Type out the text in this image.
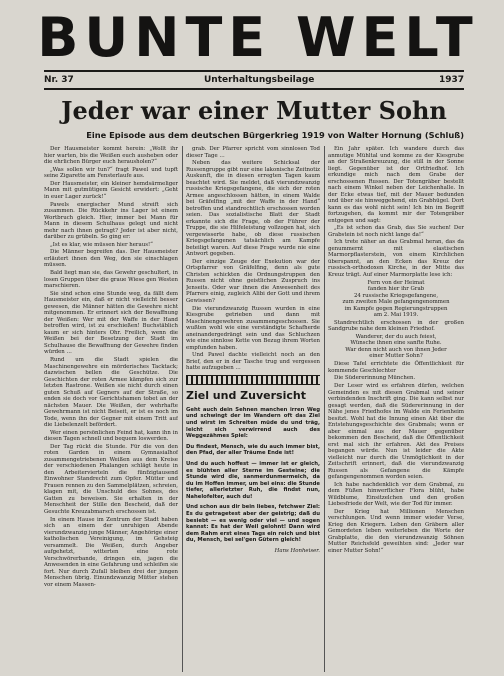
BUNTE WELT
Nr. 37	Unterhaltungsbeilage	1937
Jeder war einer Mutter Sohn
Eine Episode aus dem deutschen Bürgerkrieg 1919 von Walter Hornung (Schluß)

Der Hausmeister kommt herein: „Wollt ihr hier warten, bis die Weißen euch ausheben oder die ehrlichen Bürger euch herausholen?“

„Was sollen wir tun?“ fragt Pawel und tupft seine Zigarette am Fensterlaufe aus.

Der Hausmeister, ein kleiner hemdsärmeliger Mann mit gutmütigem Gesicht erwidert: „Geht in euer Lager zurück!“

Pawels energischer Mund streift sich zusammen. Die Rückkehr ins Lager ist einem Wortbruch gleich. Hier, immer bei Mann für Mann in diesem Schulhaus gelegt und nicht mehr nach ihnen getragt? Jeder ist aber nicht, darüber zu grübeln. So ging er:

„Ist es klar, wie müssen hier heraus!“

Die Männer begreifen das. Der Hausmeister erläutert ihnen den Weg, den sie einschlagen müssen.

Bald liegt man sie, das Gewehr geschultert, in losen Gruppen über die graue Wiese gen Westen marschieren.

Sie sind schon eine Stunde weg, da fällt dem Hausmeister ein, daß er nicht vielleicht besser gewesen, die Männer hätten die Gewehre nicht mitgenommen. Er erinnert sich der Bewaffnung der Weißen: Wer mit der Waffe in der Hand betroffen wird, ist zu erschießen! Buchstäblich kaum er sich hinters Ohr. Freilich, wenn die Weißen bei der Besetzung der Stadt im Schulhause die Bewaffnung der Gewehre finden würden …

Rund um die Stadt spielen die Maschinengewehre ein mörderisches Tacktack; dazwischen bellen die Geschütze. Die Geschichten der roten Armee kämpfen sich zur letzten Rastrone. Weißen sie nicht durch einen guten Schuß auf Gegners auf der Straße, so enden sie doch vor Gerichtshamen tobet an der nächsten Mauer. Die Weißen, der wehrhafte Gewehrmann ist nicht Beiseit, er ist es noch im Tode, wenn ihn der Gegner mit einem Tritt auf die Liebelenzelt befördert.

Wer einen persönlichen Feind hat, kann ihn in diesen Tagen schnell und bequem loswerden.

Der Tag rückt die Stunde. Für die von den roten Garden in einem Gymnasialhof zusammengetriebenen Weißen aus dem Kreise der verschiedenen Phalangen schlägt heute in den Arbeitervierteln die fünfzigtausend Einwohner Standrecht zum Opfer. Mütter und Frauen rennen zu den Sammelplätzen, schreien, klagen mit, die Unschuld des Sohnes, des Gatten zu beweisen. Sie erhalten in der Menschheit der Stille den Bescheid, daß der Gesuchte Kreuzabmarsch erschossen ist.

In einem Hause im Zentrum der Stadt haben sich an einem der unruhigen Abende vierundzwanzig junge Männer, Angehörige einer katholischen Vereinigung, im Gehsteig versammelt. Die Weißen, durch Angeber aufgehetzt, witterten eine rote Verschwörerbande, dringen ein, jagen die Anwesenden in eine Gefahrung und schleifen sie fort. Nur durch Zufall bleiben drei der jungen Menschen übrig. Einundzwanzig Mütter stehen vor einem Massen-

grab. Der Pfarrer spricht vom sinnlosen Tod dieser Tage …

Neben das weitere Schicksal der Russengruppe gibt nur eine lakonische Zeitnotiz Auskunft, die in diesen erregten Tagen kaum beachtet wird. Sie meldet, daß vierundzwanzig russische Kriegsgefangene, die sich der roten Armee angeschlossen hätten, in einem Walde bei Gräfelfing „mit der Waffe in der Hand“ betroffen und standrechtlich erschossen worden seien. Das sozialistische Blatt der Stadt erkannte sich die Frage, ob der Führer der Truppe, die sie Hilfeleistung vollzogen hat, sich vergewisserte habe, ob diese russischen Kriegsgefangenen tatsächlich am Kampfe beteiligt waren. Auf diese Frage wurde nie eine Antwort gegeben.

Der einzige Zeuge der Exekution war der Ortspfarrer von Gräfelfing, denn als gute Christen schickten die Ordnungstruppen den Russen nicht ohne geistlichen Zuspruch ins Jenseits. Oder war ihnen die Anwesenheit des Pfarrers einig, zugleich Alibi der Gott und ihrem Gewissen?

Die vierundzwanzig Russen wurden in eine Kiesgrube getrieben und dann mit Maschinengewehren zusammengeschossen. Sie wußten wohl wie eine verständigte Schafherde aneinandergedrängt sein und das Schluchzen wie eine sinnlose Kette von Bezug ihrem Worten empfunden haben.

Und Pawel dachte vielleicht noch an den Brief, den er in der Tasche trug und vergessen hatte aufzugeben …

Ziel und Zuversicht

Geht auch dein Sehnen manchen irren Weg und schwingt der im Wandern oft das Ziel und wirst im Schreiten müde du und träg, leicht sich verwirrend auch des Weggezähmes Spiel:

Du findest, Mensch, wie du auch immer bist, den Pfad, der aller Träume Ende ist!

Und du auch hoffest — immer ist er gleich, es blühten aller Sterne im Gesteine; die Stunde wird die, sanmerdunmermeich, da du im Hoffen immer, um bei eins: die Stunde tiefer, allerletzter Ruh, die findst nun, Nahelofelter, auch du!

Und schon aus dir bein liebes, fetchwer Ziel: Es du getragetest aber der geistrig; daß du besiebt — es wenig oder viel — und sogen kannst: Es hat der Weil gelohnt! Dann wird dem Rahm erst eines Tags ein reich und bist du, Mensch, bei sel'gen Gütern gleich!

Hans Honheiser.

Ein Jahr später. Ich wandere durch das anmutige Mühltal und komme zu der Kiesgrube an der Straßenkreuzung, die still in der Sonne liegt. Gegenüber ist der Ortfriedhof. Ich erkundige mich nach dem Grabe der erschossenen Russen. Der Totengräber bestellt nach einem Winkel neben der Leichenhalle. In der Ecke etwas tief, mit der Mauer bedunden und über sie hinweggehend, ein Grabhügel. Dort kann es das wohl nicht sein! Ich bin im Begriff fortzugehen, da kommt mir der Totengräber entgegen und sagt:

„Es ist schon das Grab, das Sie suchen! Der Grabstein ist noch nicht lange da!“

Ich trete näher an das Grabmal heran, das da genummernt mit elastischen Marmorpflasterstein, von einem Kirchlichen überspannt, an den Ecken das Kreuz der russisch-orthodoxen Kirche, in der Mitte das Kreuz trägt. Auf einer Marmorplatte lese ich:

Fern von der Heimat
fanden hier ihr Grab
24 russische Kriegsgefangene,
zum zweiten Male gefangengenommen
im Kampfe gegen Regierungstruppen
am 2. Mai 1919.

Standrechtlich erschossen in der großen Sandgrube nahe dem kleinen Friedhof.

Wanderer, der du auch feiest,
Wünsche ihnen eine sanfte Ruhe.
War denn nicht auch von ihnen Jeder
einer Mutter Sohn?

Diese Tafel errichtete die Öffentlichkeit für kommende Geschlechter

Die Südererinnung München.

Der Leser wird es erfahren dürfen, welchen Gemeinden es mit diesen Grabmal und seiner verbindenden Inschrift ging. Die kann selbst nur gesagt werden, daß die Südererinnung in der Nähe jenes Friedhofes im Walde ein Ferienheim besitzt. Wohl hat die Innung einen Akt über die Entstehungsgeschichte des Grabmals; wenn er aber einmal aus der Mauer gegenüber bekommen den Bescheid, daß die Öffentlichkeit erst mal sich ihr erfahren. Akt des Preises begangen würde. Nun ist leider die Akte vielleicht nur durch die Unmöglichkeit in der Zeitschrift erinnert, daß die vierundzwanzig Russen als Gefangene die Kämpfe gefangengenommen worden seien.

Ich habe nachdenklich vor dem Grabmal, zu dem Füßen hinwerflicher Flora blüht, habe Wildblume, Einsitzelchen und den großen Liebesfriede der Welt, wie der Tod für immer.

Der Krieg hat Millionen Menschen verschlungen. Und wenn immer wieder Verse, Krieg den Kriegern. Leben den Gräbern aller Gemordeten leben weiterleben die Worte der Grabplatte, die den vierundzwanzig Söhnen Mutter Reichsfeld geweihten sind: „Jeder war einer Mutter Sohn!“
